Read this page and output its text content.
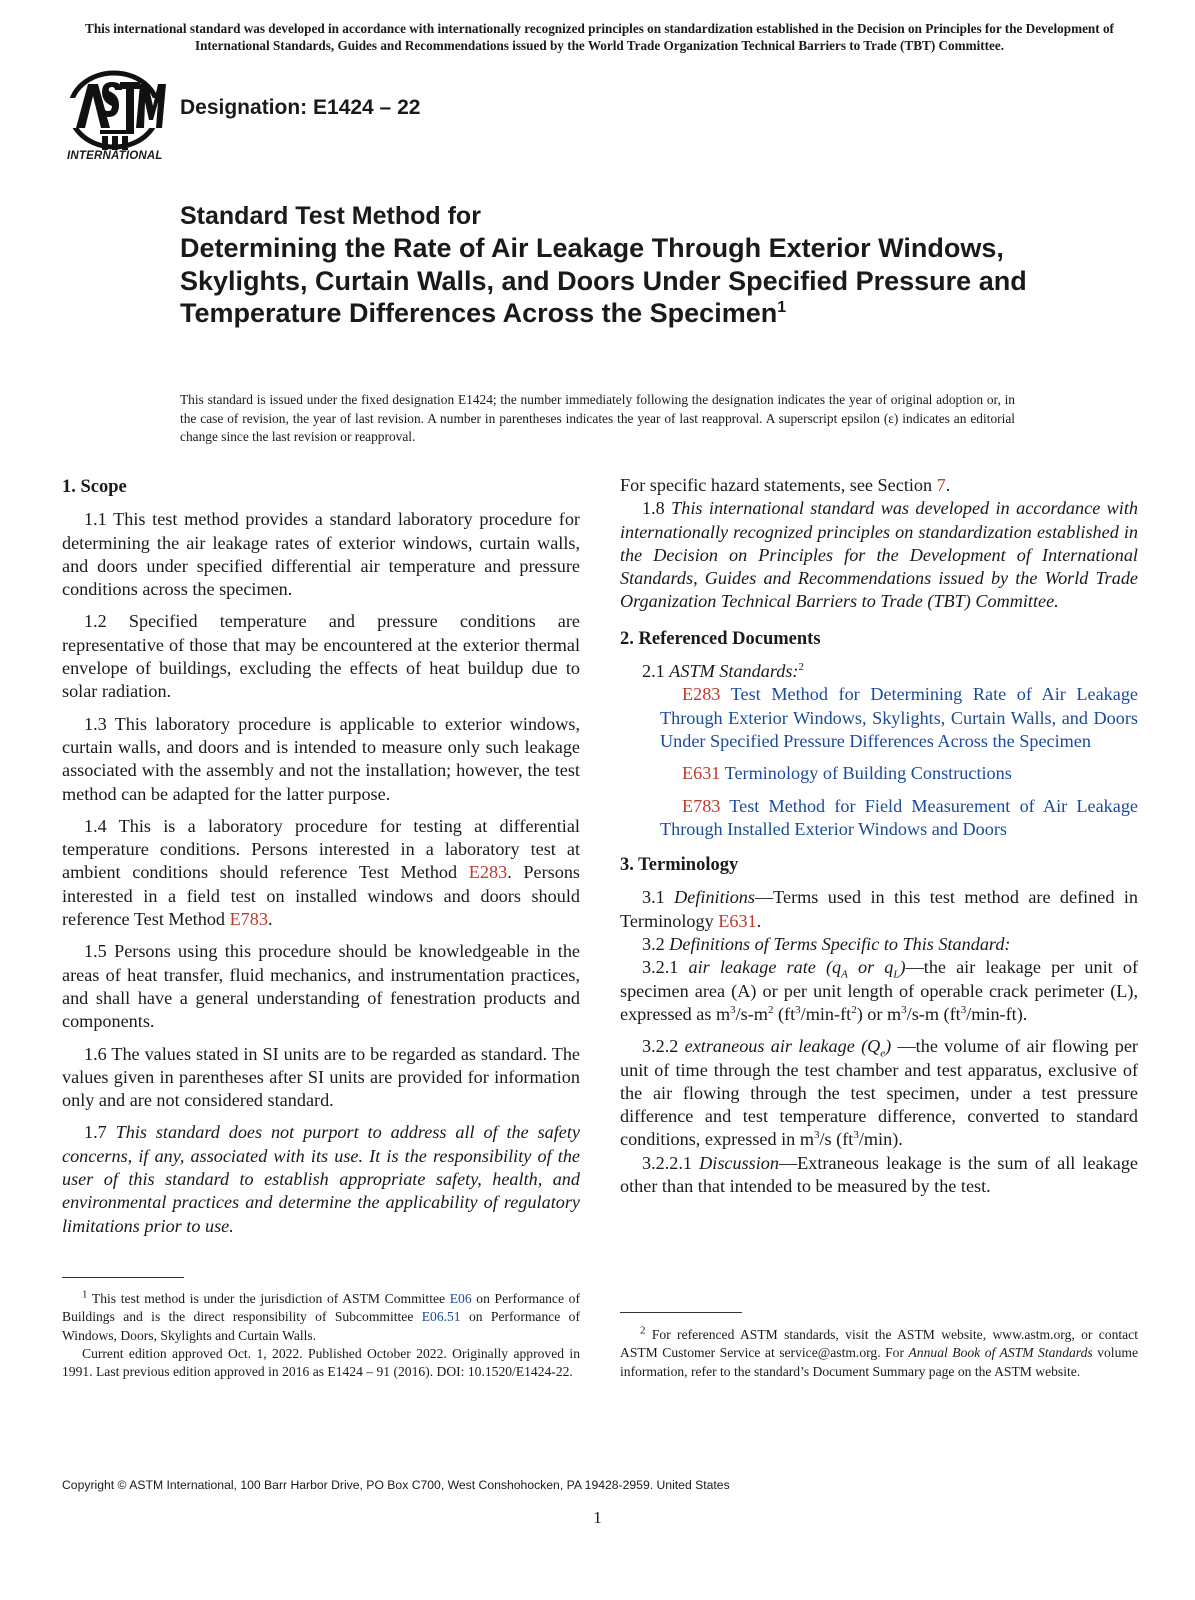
This international standard was developed in accordance with internationally recognized principles on standardization established in the Decision on Principles for the Development of International Standards, Guides and Recommendations issued by the World Trade Organization Technical Barriers to Trade (TBT) Committee.
INTERNATIONAL
Designation: E1424 – 22
Standard Test Method for
Determining the Rate of Air Leakage Through Exterior Windows, Skylights, Curtain Walls, and Doors Under Specified Pressure and Temperature Differences Across the Specimen$^1$
This standard is issued under the fixed designation E1424; the number immediately following the designation indicates the year of original adoption or, in the case of revision, the year of last revision. A number in parentheses indicates the year of last reapproval. A superscript epsilon (ε) indicates an editorial change since the last revision or reapproval.
1. Scope

1.1 This test method provides a standard laboratory procedure for determining the air leakage rates of exterior windows, curtain walls, and doors under specified differential air temperature and pressure conditions across the specimen.

1.2 Specified temperature and pressure conditions are representative of those that may be encountered at the exterior thermal envelope of buildings, excluding the effects of heat buildup due to solar radiation.

1.3 This laboratory procedure is applicable to exterior windows, curtain walls, and doors and is intended to measure only such leakage associated with the assembly and not the installation; however, the test method can be adapted for the latter purpose.

1.4 This is a laboratory procedure for testing at differential temperature conditions. Persons interested in a laboratory test at ambient conditions should reference Test Method E283. Persons interested in a field test on installed windows and doors should reference Test Method E783.

1.5 Persons using this procedure should be knowledgeable in the areas of heat transfer, fluid mechanics, and instrumentation practices, and shall have a general understanding of fenestration products and components.

1.6 The values stated in SI units are to be regarded as standard. The values given in parentheses after SI units are provided for information only and are not considered standard.

1.7 This standard does not purport to address all of the safety concerns, if any, associated with its use. It is the responsibility of the user of this standard to establish appropriate safety, health, and environmental practices and determine the applicability of regulatory limitations prior to use.

For specific hazard statements, see Section 7.

1.8 This international standard was developed in accordance with internationally recognized principles on standardization established in the Decision on Principles for the Development of International Standards, Guides and Recommendations issued by the World Trade Organization Technical Barriers to Trade (TBT) Committee.

2. Referenced Documents

2.1 ASTM Standards:$^2$

E283 Test Method for Determining Rate of Air Leakage Through Exterior Windows, Skylights, Curtain Walls, and Doors Under Specified Pressure Differences Across the Specimen

E631 Terminology of Building Constructions

E783 Test Method for Field Measurement of Air Leakage Through Installed Exterior Windows and Doors

3. Terminology

3.1 Definitions—Terms used in this test method are defined in Terminology E631.

3.2 Definitions of Terms Specific to This Standard:

3.2.1 air leakage rate ($q_A$ or $q_L)—the$ air leakage per unit of specimen area (A) or per unit length of operable crack perimeter (L), expressed as $m^3/s-m^2$ $(ft^3/\min-ft^2)$ or $m^3/s-m$ $(ft^3/\min-ft)$.

3.2.2 extraneous air leakage $(Q_e)$ —the volume of air flowing per unit of time through the test chamber and test apparatus, exclusive of the air flowing through the test specimen, under a test pressure difference and test temperature difference, converted to standard conditions, expressed in $m^3/s$ $(ft^3/\min)$.

3.2.2.1 Discussion—Extraneous leakage is the sum of all leakage other than that intended to be measured by the test.

$^1$ This test method is under the jurisdiction of ASTM Committee E06 on Performance of Buildings and is the direct responsibility of Subcommittee E06.51 on Performance of Windows, Doors, Skylights and Curtain Walls.

Current edition approved Oct. 1, 2022. Published October 2022. Originally approved in 1991. Last previous edition approved in 2016 as E1424 – 91 (2016). DOI: 10.1520/E1424-22.

$^2$ For referenced ASTM standards, visit the ASTM website, www.astm.org, or contact ASTM Customer Service at service@astm.org. For Annual Book of ASTM Standards volume information, refer to the standard’s Document Summary page on the ASTM website.

Copyright © ASTM International, 100 Barr Harbor Drive, PO Box C700, West Conshohocken, PA 19428-2959. United States
1
